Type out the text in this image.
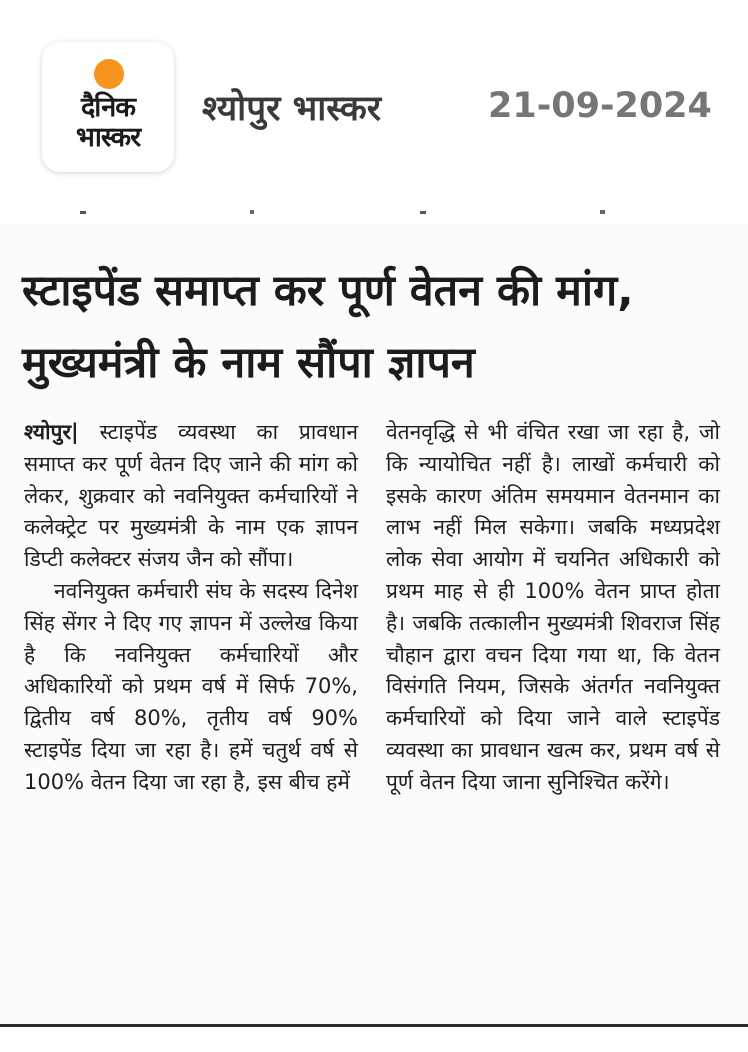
दैनिक
भास्कर
श्योपुर भास्कर	21-09-2024
स्टाइपेंड समाप्त कर पूर्ण वेतन की मांग, मुख्यमंत्री के नाम सौंपा ज्ञापन

श्योपुर| स्टाइपेंड व्यवस्था का प्रावधान समाप्त कर पूर्ण वेतन दिए जाने की मांग को लेकर, शुक्रवार को नवनियुक्त कर्मचारियों ने कलेक्ट्रेट पर मुख्यमंत्री के नाम एक ज्ञापन डिप्टी कलेक्टर संजय जैन को सौंपा।

नवनियुक्त कर्मचारी संघ के सदस्य दिनेश सिंह सेंगर ने दिए गए ज्ञापन में उल्लेख किया है कि नवनियुक्त कर्मचारियों और अधिकारियों को प्रथम वर्ष में सिर्फ 70%, द्वितीय वर्ष 80%, तृतीय वर्ष 90% स्टाइपेंड दिया जा रहा है। हमें चतुर्थ वर्ष से 100% वेतन दिया जा रहा है, इस बीच हमें

वेतनवृद्धि से भी वंचित रखा जा रहा है, जो कि न्यायोचित नहीं है। लाखों कर्मचारी को इसके कारण अंतिम समयमान वेतनमान का लाभ नहीं मिल सकेगा। जबकि मध्यप्रदेश लोक सेवा आयोग में चयनित अधिकारी को प्रथम माह से ही 100% वेतन प्राप्त होता है। जबकि तत्कालीन मुख्यमंत्री शिवराज सिंह चौहान द्वारा वचन दिया गया था, कि वेतन विसंगति नियम, जिसके अंतर्गत नवनियुक्त कर्मचारियों को दिया जाने वाले स्टाइपेंड व्यवस्था का प्रावधान खत्म कर, प्रथम वर्ष से पूर्ण वेतन दिया जाना सुनिश्चित करेंगे।
